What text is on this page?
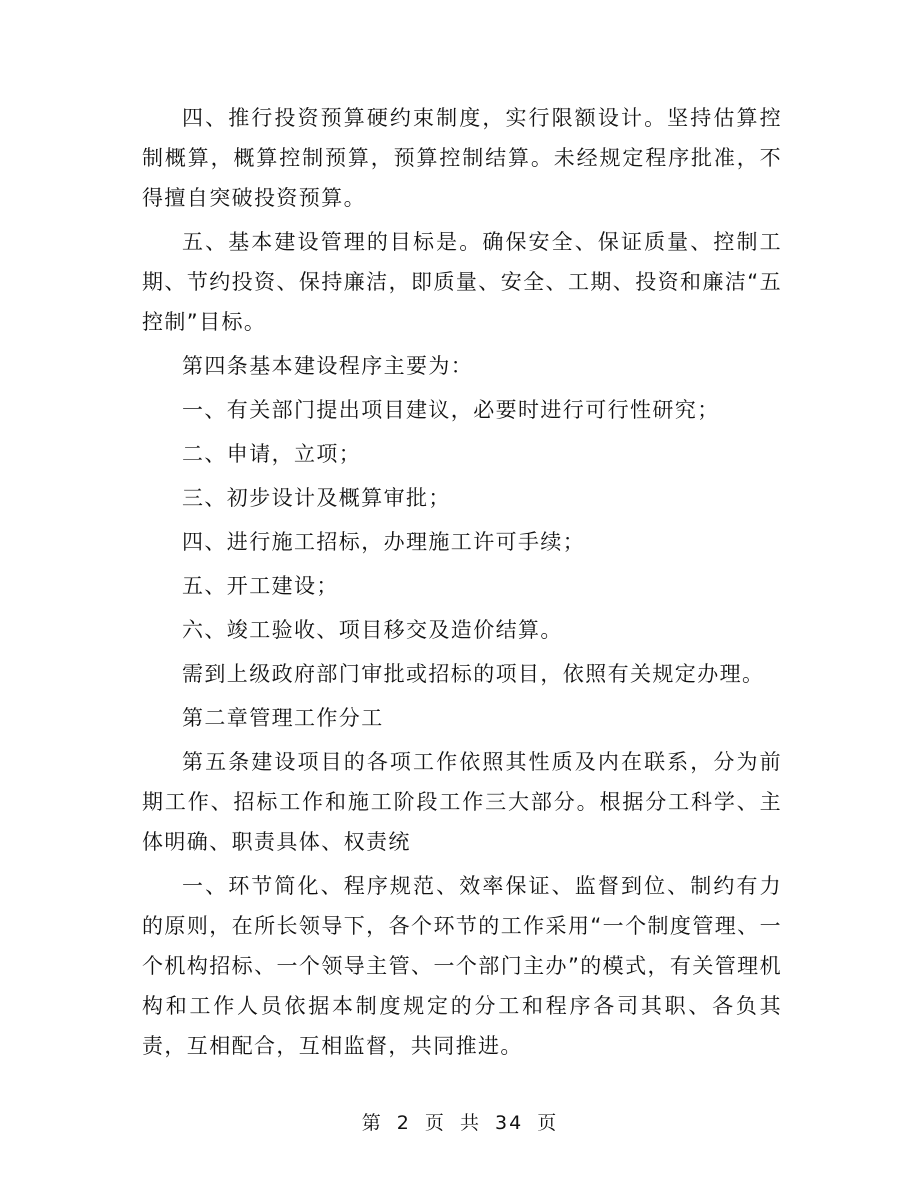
四、推行投资预算硬约束制度，实行限额设计。坚持估算控制概算，概算控制预算，预算控制结算。未经规定程序批准，不得擅自突破投资预算。

五、基本建设管理的目标是。确保安全、保证质量、控制工期、节约投资、保持廉洁，即质量、安全、工期、投资和廉洁“五控制”目标。

第四条基本建设程序主要为：

一、有关部门提出项目建议，必要时进行可行性研究；

二、申请，立项；

三、初步设计及概算审批；

四、进行施工招标，办理施工许可手续；

五、开工建设；

六、竣工验收、项目移交及造价结算。

需到上级政府部门审批或招标的项目，依照有关规定办理。

第二章管理工作分工

第五条建设项目的各项工作依照其性质及内在联系，分为前期工作、招标工作和施工阶段工作三大部分。根据分工科学、主体明确、职责具体、权责统

一、环节简化、程序规范、效率保证、监督到位、制约有力的原则，在所长领导下，各个环节的工作采用“一个制度管理、一个机构招标、一个领导主管、一个部门主办”的模式，有关管理机构和工作人员依据本制度规定的分工和程序各司其职、各负其责，互相配合，互相监督，共同推进。

第 2 页 共 34 页
